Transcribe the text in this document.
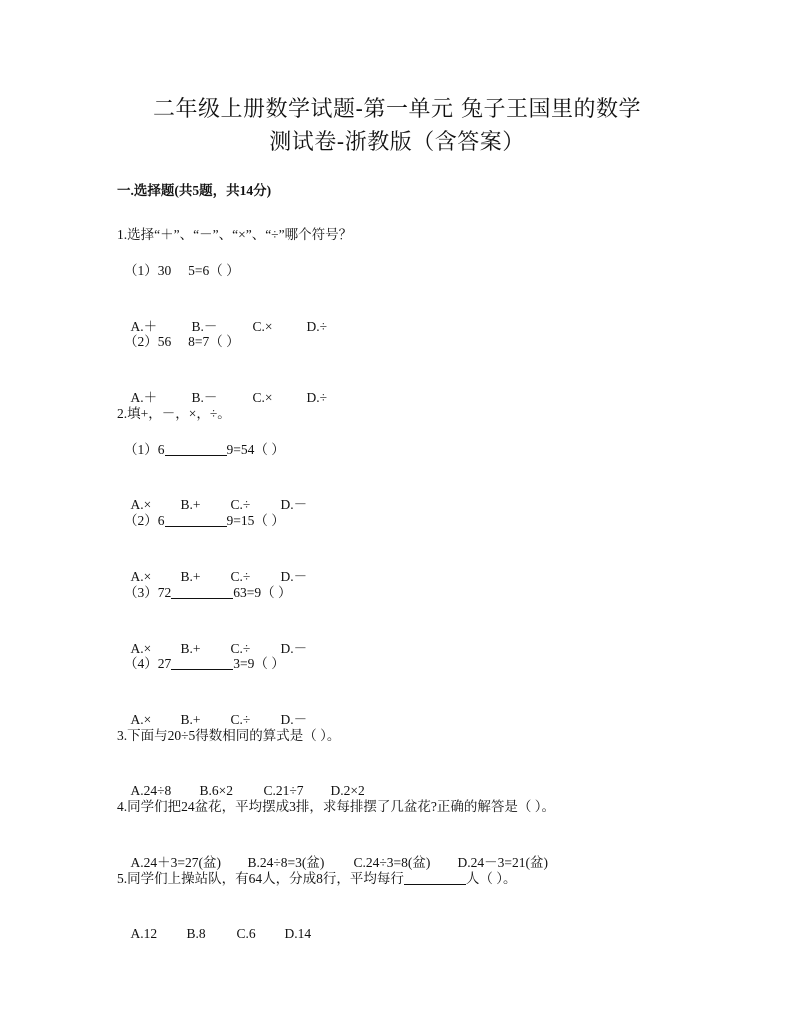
二年级上册数学试题-第一单元 兔子王国里的数学
测试卷-浙教版（含答案）
一.选择题(共5题，共14分)
1.选择“＋”、“－”、“×”、“÷”哪个符号？
（1）30　 5=6（ ）

A.＋	B.－	C.×	D.÷

（2）56　 8=7（ ）

A.＋	B.－	C.×	D.÷

2.填+，－，×，÷。
（1）6	9=54（ ）

A.× B.+ C.÷ D.－

（2）6	9=15（ ）

A.× B.+ C.÷ D.－

（3）72	63=9（ ）

A.× B.+ C.÷ D.－

（4）27	3=9（ ）

A.× B.+ C.÷ D.－

3.下面与20÷5得数相同的算式是（ ）。

A.24÷8 B.6×2 C.21÷7 D.2×2

4.同学们把24盆花，平均摆成3排，求每排摆了几盆花?正确的解答是（ ）。

A.24＋3=27(盆) B.24÷8=3(盆) C.24÷3=8(盆) D.24－3=21(盆)

5.同学们上操站队，有64人，分成8行，平均每行	人（ ）。

A.12 B.8 C.6 D.14
